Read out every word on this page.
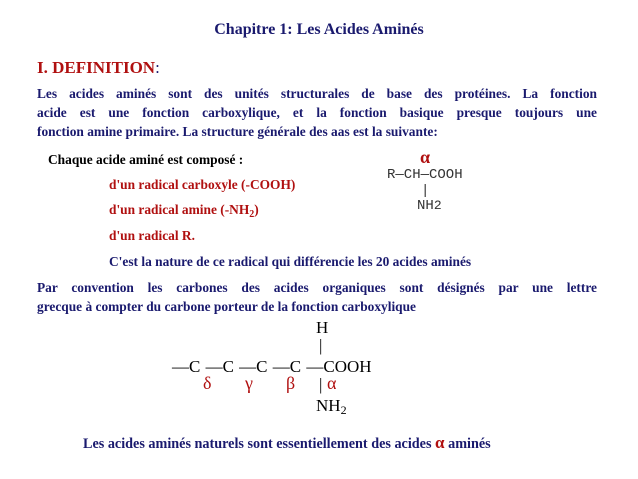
Chapitre 1: Les Acides Aminés
I. DEFINITION:
Les acides aminés sont des unités structurales de base des protéines. La fonction
acide est une fonction carboxylique, et la fonction basique presque toujours une
fonction amine primaire. La structure générale des aas est la suivante:
Chaque acide aminé est composé :
d'un radical carboxyle (-COOH)
d'un radical amine $(-NH_2)$
d'un radical R.
C'est la nature de ce radical qui différencie les 20 acides aminés
α
R—CH—COOH
|
NH2
Par convention les carbones des acides organiques sont désignés par une lettre
grecque à compter du carbone porteur de la fonction carboxylique
H
|
—C —C —C —C —COOH
δ γ β | α
$NH_2$
Les acides aminés naturels sont essentiellement des acides α aminés
